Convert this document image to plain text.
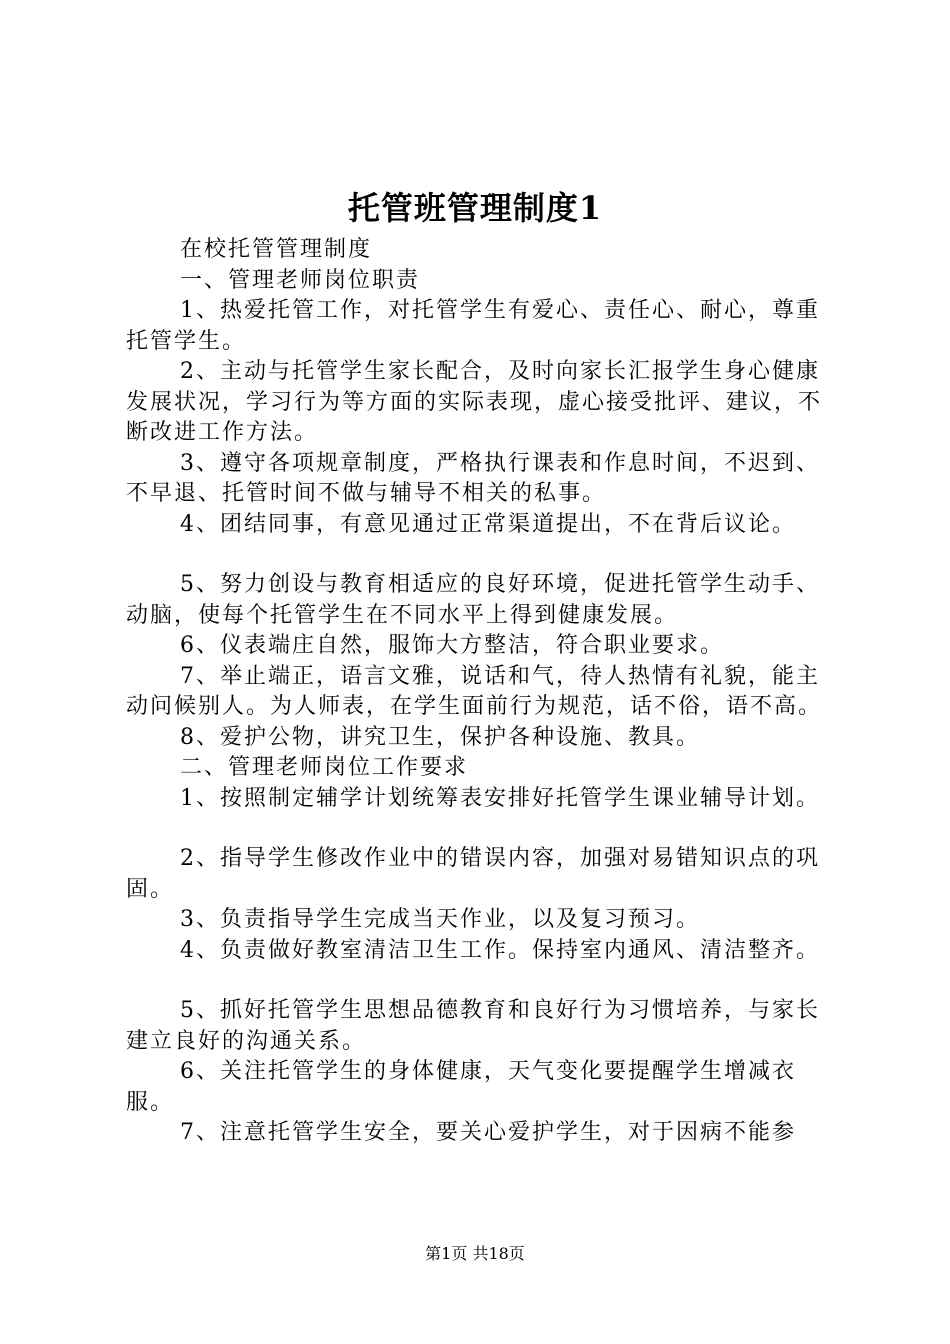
托管班管理制度1

在校托管管理制度

一、管理老师岗位职责

1、热爱托管工作，对托管学生有爱心、责任心、耐心，尊重托管学生。

2、主动与托管学生家长配合，及时向家长汇报学生身心健康发展状况，学习行为等方面的实际表现，虚心接受批评、建议，不断改进工作方法。

3、遵守各项规章制度，严格执行课表和作息时间，不迟到、不早退、托管时间不做与辅导不相关的私事。

4、团结同事，有意见通过正常渠道提出，不在背后议论。

5、努力创设与教育相适应的良好环境，促进托管学生动手、动脑，使每个托管学生在不同水平上得到健康发展。

6、仪表端庄自然，服饰大方整洁，符合职业要求。

7、举止端正，语言文雅，说话和气，待人热情有礼貌，能主动问候别人。为人师表，在学生面前行为规范，话不俗，语不高。

8、爱护公物，讲究卫生，保护各种设施、教具。

二、管理老师岗位工作要求

1、按照制定辅学计划统筹表安排好托管学生课业辅导计划。

2、指导学生修改作业中的错误内容，加强对易错知识点的巩固。

3、负责指导学生完成当天作业，以及复习预习。

4、负责做好教室清洁卫生工作。保持室内通风、清洁整齐。

5、抓好托管学生思想品德教育和良好行为习惯培养，与家长建立良好的沟通关系。

6、关注托管学生的身体健康，天气变化要提醒学生增减衣服。

7、注意托管学生安全，要关心爱护学生，对于因病不能参

第1页 共18页
